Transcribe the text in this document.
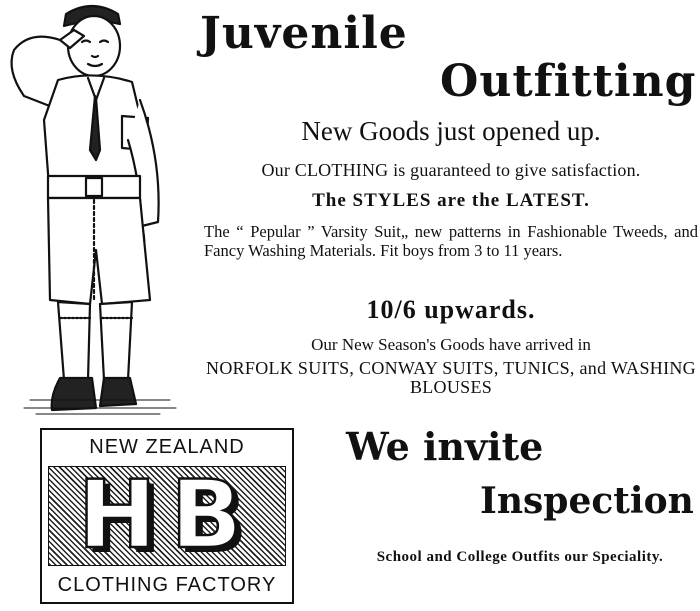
Juvenile
Outfitting
New Goods just opened up.
Our CLOTHING is guaranteed to give satisfaction.
The STYLES are the LATEST.
The “ Pepular ” Varsity Suit„ new patterns in Fashionable Tweeds, and Fancy Washing Materials. Fit boys from 3 to 11 years.
10/6 upwards.
Our New Season's Goods have arrived in
NORFOLK SUITS, CONWAY SUITS, TUNICS, and WASHING BLOUSES
NEW ZEALAND
HB
CLOTHING FACTORY
We invite
Inspection
School and College Outfits our Speciality.
